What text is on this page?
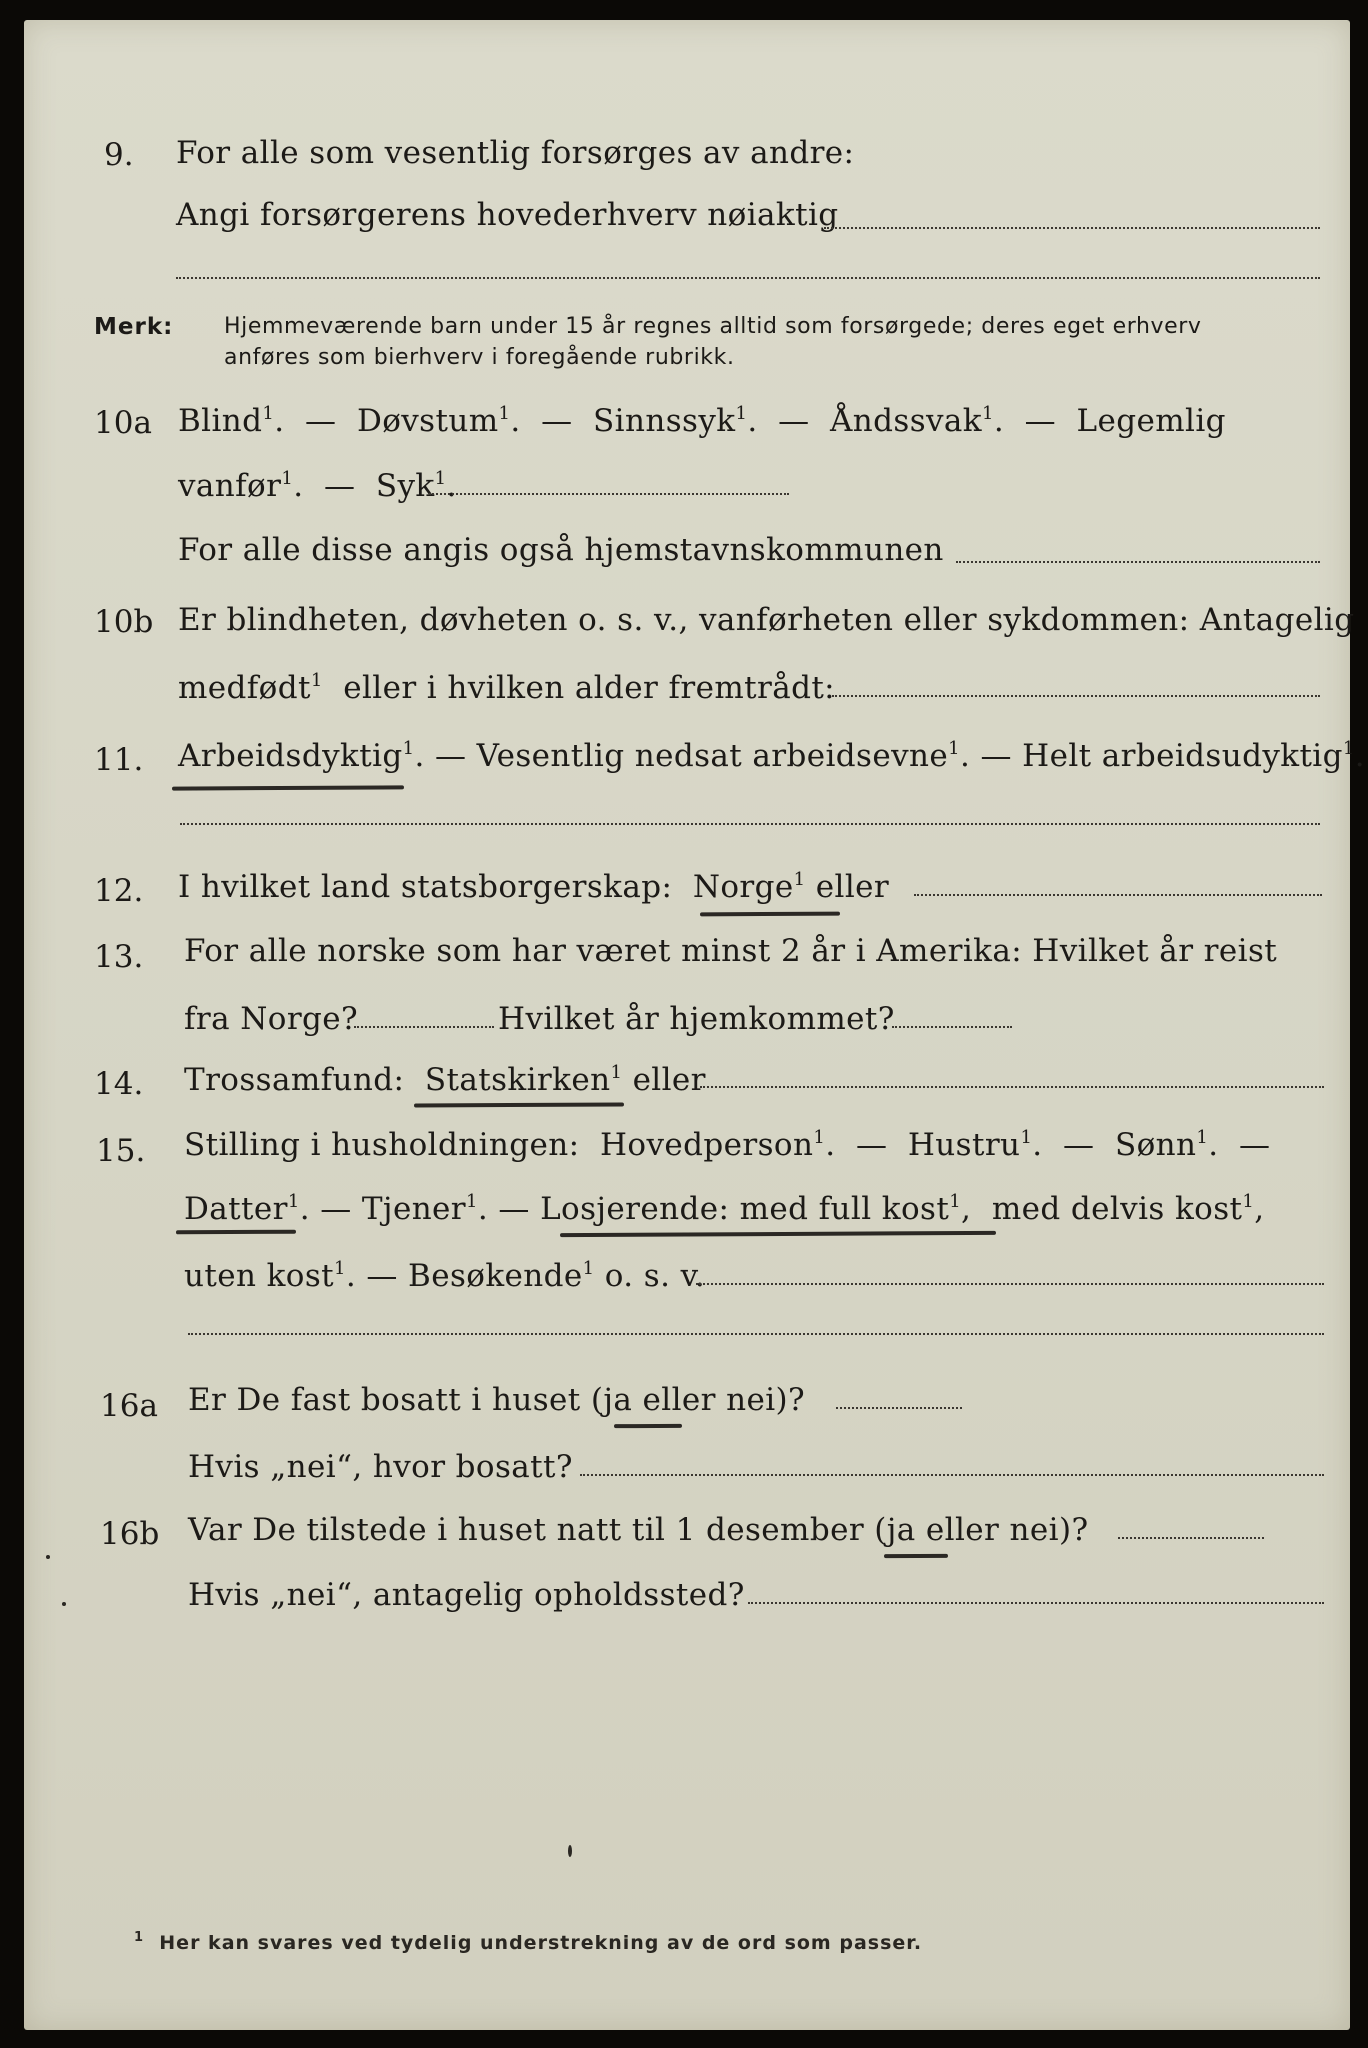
9. For alle som vesentlig forsørges av andre:
Angi forsørgerens hovederhverv nøiaktig
Merk: Hjemmeværende barn under 15 år regnes alltid som forsørgede; deres eget erhverv
anføres som bierhverv i foregående rubrikk.
10a Blind$^1$.  —  Døvstum$^1$.  —  Sinnssyk$^1$.  —  Åndssvak$^1$.  —  Legemlig
vanfør$^1$.  —  Syk$^1$.
For alle disse angis også hjemstavnskommunen
10b Er blindheten, døvheten o. s. v., vanførheten eller sykdommen: Antagelig
medfødt$^1$ eller i hvilken alder fremtrådt:
11. Arbeidsdyktig$^1$. — Vesentlig nedsat arbeidsevne$^1$. — Helt arbeidsudyktig$^1$.
12. I hvilket land statsborgerskap: Norge$^1$ eller
13. For alle norske som har været minst 2 år i Amerika: Hvilket år reist
fra Norge?	Hvilket år hjemkommet?
14. Trossamfund: Statskirken$^1$ eller
15. Stilling i husholdningen: Hovedperson$^1$.  —  Hustru$^1$.  —  Sønn$^1$.  —
Datter$^1$. — Tjener$^1$. — Losjerende: med full kost$^1$,  med delvis kost$^1$,
uten kost$^1$. — Besøkende$^1$ o. s. v.
16a Er De fast bosatt i huset (ja eller nei)?
Hvis „nei“, hvor bosatt?
16b Var De tilstede i huset natt til 1 desember (ja eller nei)?
Hvis „nei“, antagelig opholdssted?
$^1$ Her kan svares ved tydelig understrekning av de ord som passer.
